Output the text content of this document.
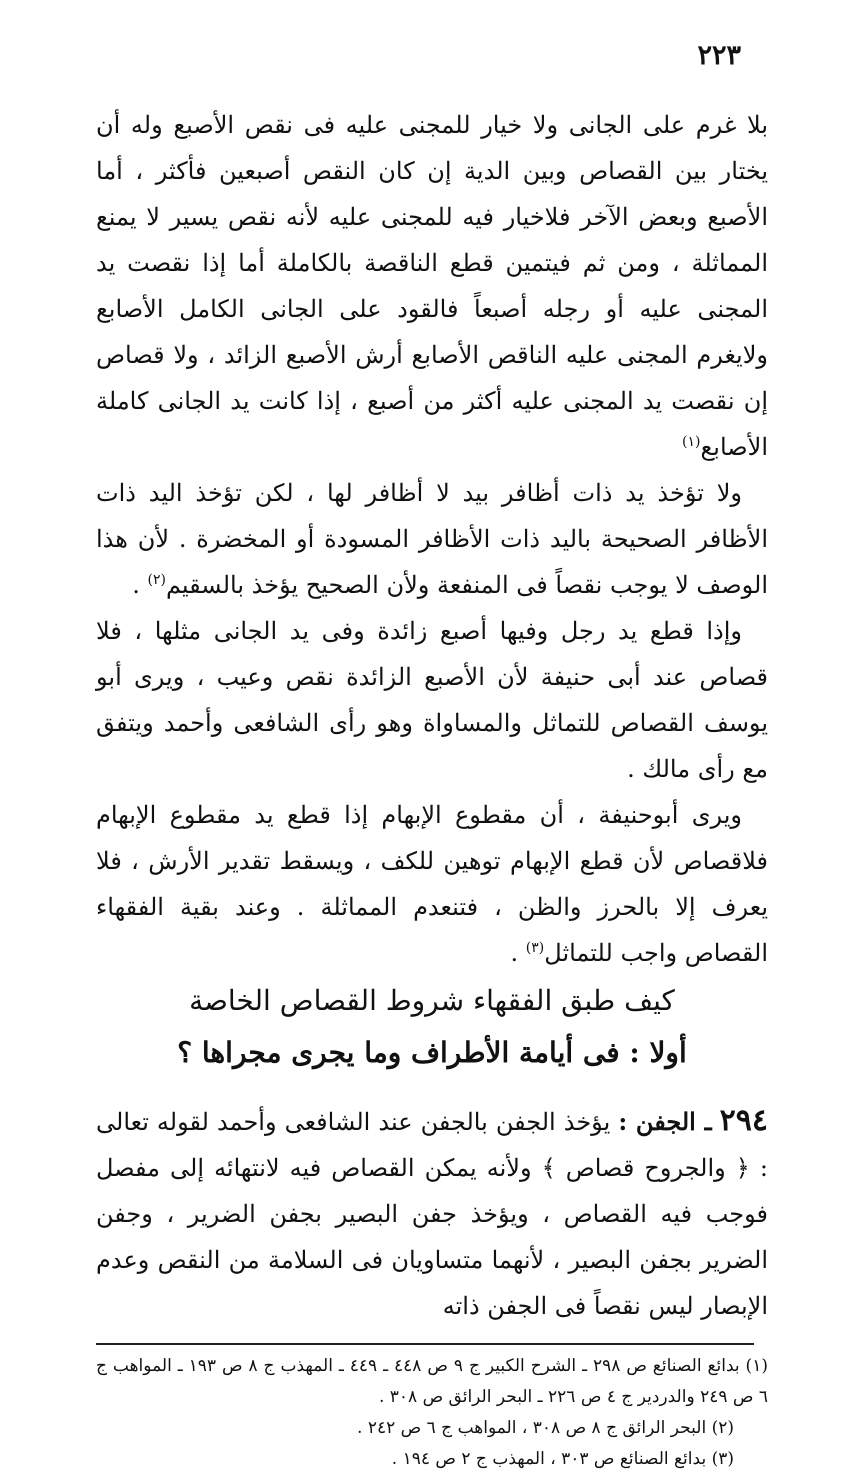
٢٢٣

بلا غرم على الجانى ولا خيار للمجنى عليه فى نقص الأصبع وله أن يختار بين القصاص وبين الدية إن كان النقص أصبعين فأكثر ، أما الأصبع وبعض الآخر فلاخيار فيه للمجنى عليه لأنه نقص يسير لا يمنع المماثلة ، ومن ثم فيتمين قطع الناقصة بالكاملة أما إذا نقصت يد المجنى عليه أو رجله أصبعاً فالقود على الجانى الكامل الأصابع ولايغرم المجنى عليه الناقص الأصابع أرش الأصبع الزائد ، ولا قصاص إن نقصت يد المجنى عليه أكثر من أصبع ، إذا كانت يد الجانى كاملة الأصابع$^{(١)}$

ولا تؤخذ يد ذات أظافر بيد لا أظافر لها ، لكن تؤخذ اليد ذات الأظافر الصحيحة باليد ذات الأظافر المسودة أو المخضرة . لأن هذا الوصف لا يوجب نقصاً فى المنفعة ولأن الصحيح يؤخذ بالسقيم$^{(٢)}$ .

وإذا قطع يد رجل وفيها أصبع زائدة وفى يد الجانى مثلها ، فلا قصاص عند أبى حنيفة لأن الأصبع الزائدة نقص وعيب ، ويرى أبو يوسف القصاص للتماثل والمساواة وهو رأى الشافعى وأحمد ويتفق مع رأى مالك .

ويرى أبوحنيفة ، أن مقطوع الإبهام إذا قطع يد مقطوع الإبهام فلاقصاص لأن قطع الإبهام توهين للكف ، ويسقط تقدير الأرش ، فلا يعرف إلا بالحرز والظن ، فتنعدم المماثلة . وعند بقية الفقهاء القصاص واجب للتماثل$^{(٣)}$ .

كيف طبق الفقهاء شروط القصاص الخاصة
أولا : فى أيامة الأطراف وما يجرى مجراها ؟

٢٩٤ ـ الجفن : يؤخذ الجفن بالجفن عند الشافعى وأحمد لقوله تعالى : ﴿ والجروح قصاص ﴾ ولأنه يمكن القصاص فيه لانتهائه إلى مفصل فوجب فيه القصاص ، ويؤخذ جفن البصير بجفن الضرير ، وجفن الضرير بجفن البصير ، لأنهما متساويان فى السلامة من النقص وعدم الإبصار ليس نقصاً فى الجفن ذاته

(١) بدائع الصنائع ص ٢٩٨ ـ الشرح الكبير ج ٩ ص ٤٤٨ ـ ٤٤٩ ـ المهذب ج ٨ ص ١٩٣ ـ المواهب ج ٦ ص ٢٤٩ والدردير ج ٤ ص ٢٢٦ ـ البحر الرائق ص ٣٠٨ .

(٢) البحر الرائق ج ٨ ص ٣٠٨ ، المواهب ج ٦ ص ٢٤٢ .

(٣) بدائع الصنائع ص ٣٠٣ ، المهذب ج ٢ ص ١٩٤ .
